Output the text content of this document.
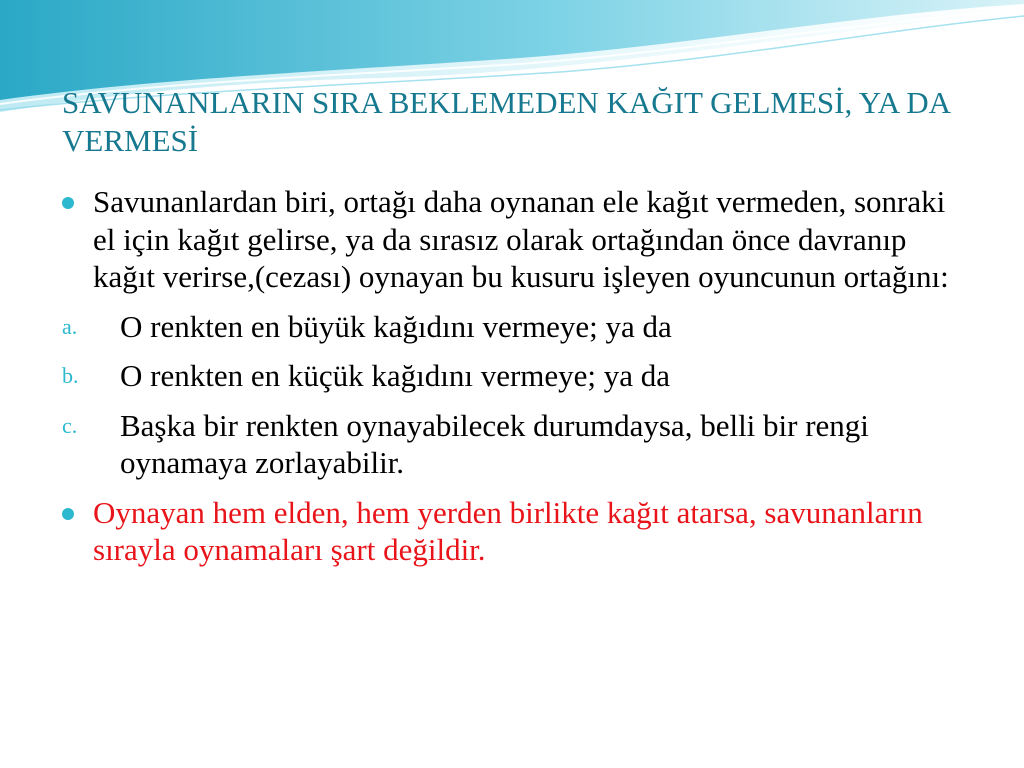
SAVUNANLARIN SIRA BEKLEMEDEN KAĞIT GELMESİ, YA DA VERMESİ
Savunanlardan biri, ortağı daha oynanan ele kağıt vermeden, sonraki el için kağıt gelirse, ya da sırasız olarak ortağından önce davranıp kağıt verirse,(cezası) oynayan bu kusuru işleyen oyuncunun ortağını:
a. O renkten en büyük kağıdını vermeye; ya da
b. O renkten en küçük kağıdını vermeye; ya da
c. Başka bir renkten oynayabilecek durumdaysa, belli bir rengi oynamaya zorlayabilir.
Oynayan hem elden, hem yerden birlikte kağıt atarsa, savunanların sırayla oynamaları şart değildir.
